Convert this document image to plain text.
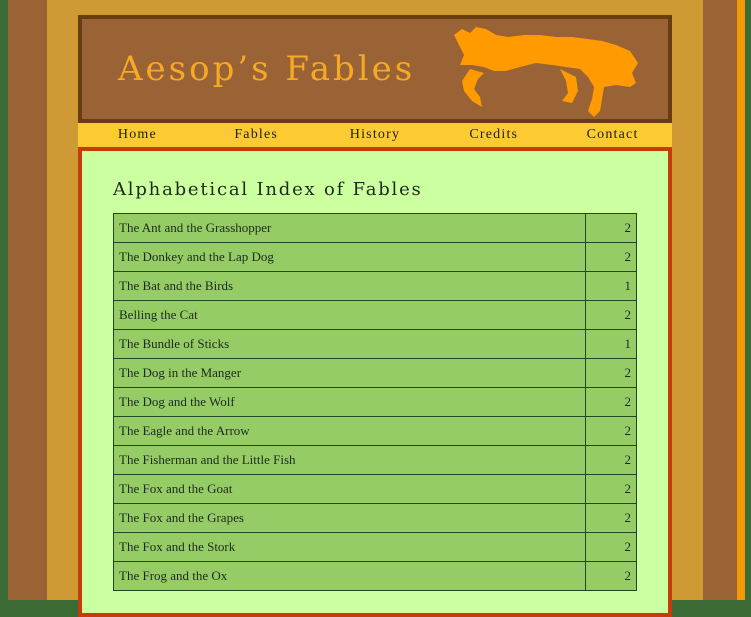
Aesop’s Fables
Home	Fables	History	Credits	Contact
Alphabetical Index of Fables
The Ant and the Grasshopper	2
The Donkey and the Lap Dog	2
The Bat and the Birds	1
Belling the Cat	2
The Bundle of Sticks	1
The Dog in the Manger	2
The Dog and the Wolf	2
The Eagle and the Arrow	2
The Fisherman and the Little Fish	2
The Fox and the Goat	2
The Fox and the Grapes	2
The Fox and the Stork	2
The Frog and the Ox	2
